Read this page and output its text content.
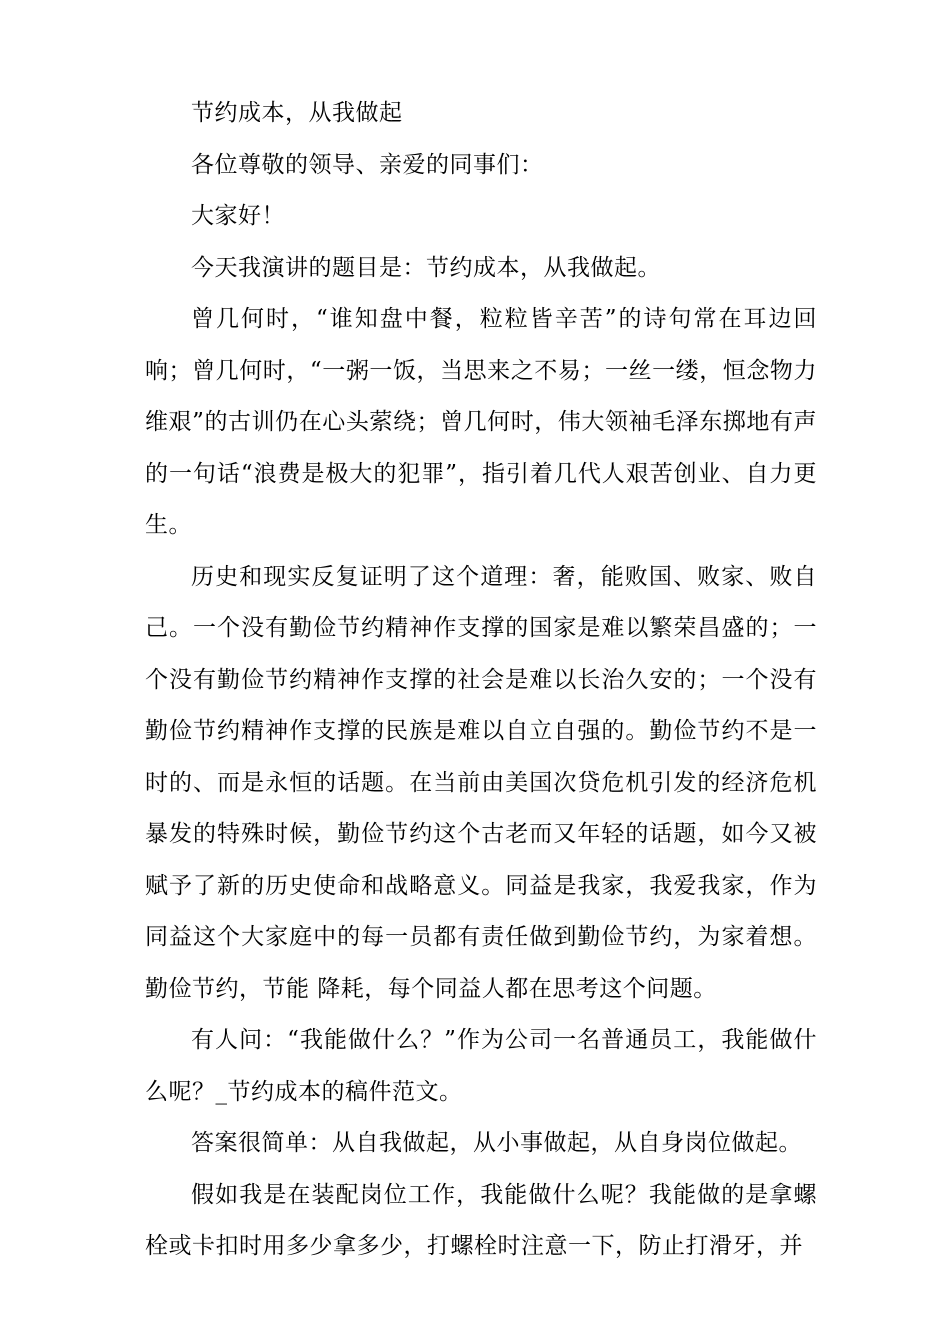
节约成本，从我做起

各位尊敬的领导、亲爱的同事们：

大家好！

今天我演讲的题目是：节约成本，从我做起。

曾几何时，“谁知盘中餐，粒粒皆辛苦”的诗句常在耳边回响；曾几何时，“一粥一饭，当思来之不易；一丝一缕，恒念物力维艰”的古训仍在心头萦绕；曾几何时，伟大领袖毛泽东掷地有声的一句话“浪费是极大的犯罪”，指引着几代人艰苦创业、自力更生。

历史和现实反复证明了这个道理：奢，能败国、败家、败自己。一个没有勤俭节约精神作支撑的国家是难以繁荣昌盛的；一个没有勤俭节约精神作支撑的社会是难以长治久安的；一个没有勤俭节约精神作支撑的民族是难以自立自强的。勤俭节约不是一时的、而是永恒的话题。在当前由美国次贷危机引发的经济危机暴发的特殊时候，勤俭节约这个古老而又年轻的话题，如今又被赋予了新的历史使命和战略意义。同益是我家，我爱我家，作为同益这个大家庭中的每一员都有责任做到勤俭节约，为家着想。勤俭节约，节能 降耗，每个同益人都在思考这个问题。

有人问：“我能做什么？”作为公司一名普通员工，我能做什么呢？_节约成本的稿件范文。

答案很简单：从自我做起，从小事做起，从自身岗位做起。

假如我是在装配岗位工作，我能做什么呢？我能做的是拿螺栓或卡扣时用多少拿多少，打螺栓时注意一下，防止打滑牙，并
